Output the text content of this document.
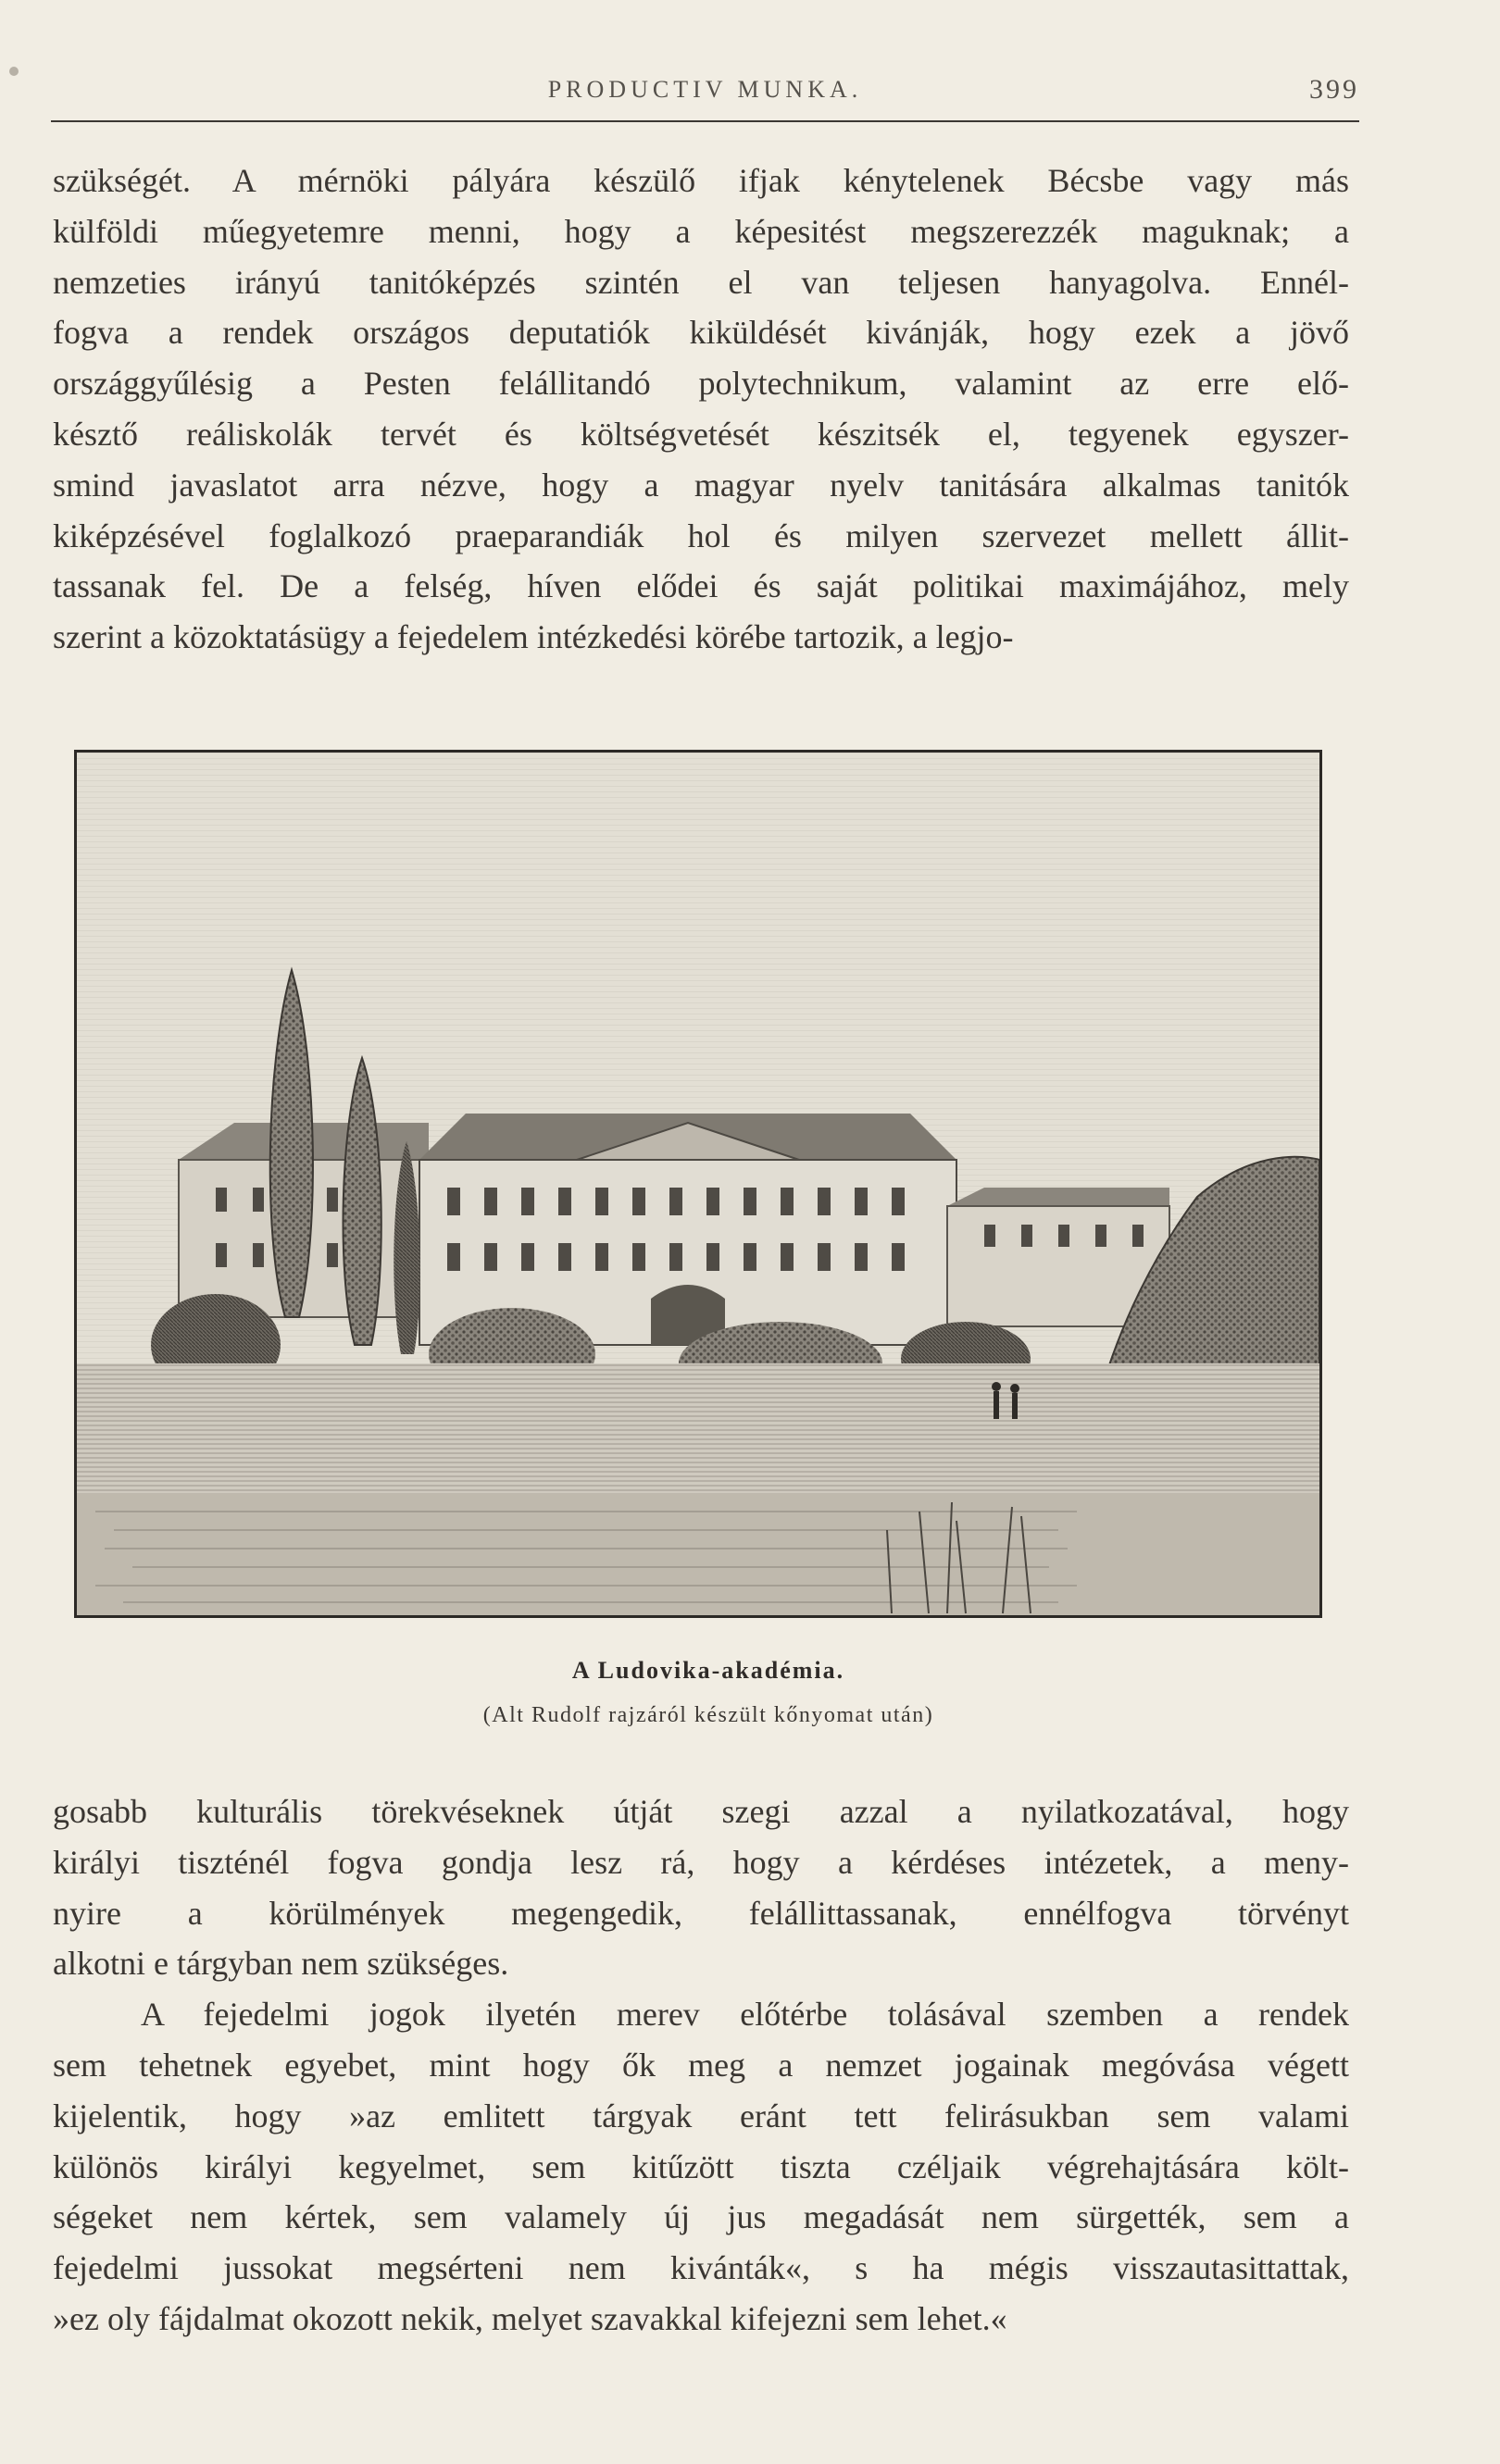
PRODUCTIV MUNKA.	399
szükségét. A mérnöki pályára készülő ifjak kénytelenek Bécsbe vagy más
külföldi műegyetemre menni, hogy a képesitést megszerezzék maguknak; a
nemzeties irányú tanitóképzés szintén el van teljesen hanyagolva. Ennél-
fogva a rendek országos deputatiók kiküldését kivánják, hogy ezek a jövő
országgyűlésig a Pesten felállitandó polytechnikum, valamint az erre elő-
késztő reáliskolák tervét és költségvetését készitsék el, tegyenek egyszer-
smind javaslatot arra nézve, hogy a magyar nyelv tanitására alkalmas tanitók
kiképzésével foglalkozó praeparandiák hol és milyen szervezet mellett állit-
tassanak fel. De a felség, híven elődei és saját politikai maximájához, mely
szerint a közoktatásügy a fejedelem intézkedési körébe tartozik, a legjo-
A Ludovika-akadémia.
(Alt Rudolf rajzáról készült kőnyomat után)
gosabb kulturális törekvéseknek útját szegi azzal a nyilatkozatával, hogy
királyi tiszténél fogva gondja lesz rá, hogy a kérdéses intézetek, a meny-
nyire a körülmények megengedik, felállittassanak, ennélfogva törvényt
alkotni e tárgyban nem szükséges.
A fejedelmi jogok ilyetén merev előtérbe tolásával szemben a rendek
sem tehetnek egyebet, mint hogy ők meg a nemzet jogainak megóvása végett
kijelentik, hogy »az emlitett tárgyak eránt tett felirásukban sem valami
különös királyi kegyelmet, sem kitűzött tiszta czéljaik végrehajtására költ-
ségeket nem kértek, sem valamely új jus megadását nem sürgették, sem a
fejedelmi jussokat megsérteni nem kivánták«, s ha mégis visszautasittattak,
»ez oly fájdalmat okozott nekik, melyet szavakkal kifejezni sem lehet.«
